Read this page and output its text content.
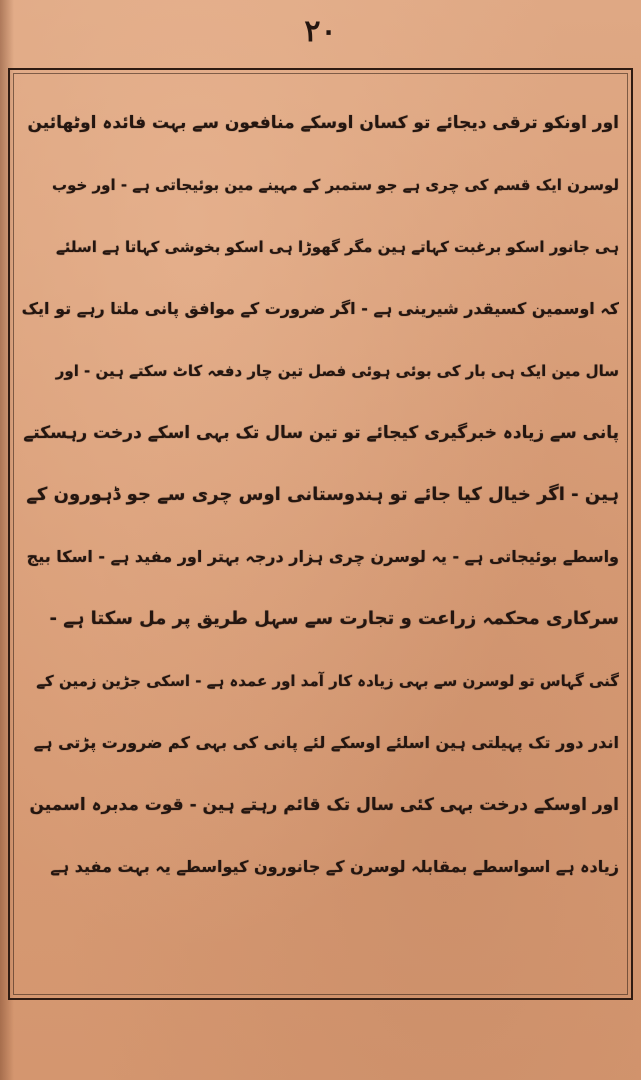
۲۰
اور اونکو ترقی دیجائے تو کسان اوسکے منافعون سے بہت فائدہ اوٹھائین
لوسرن ایک قسم کی چری ہے جو ستمبر کے مہینے مین بوئیجاتی ہے - اور خوب
ہی جانور اسکو برغبت کہاتے ہین مگر گھوڑا ہی اسکو بخوشی کہاتا ہے اسلئے
کہ اوسمین کسیقدر شیرینی ہے - اگر ضرورت کے موافق پانی ملتا رہے تو ایک
سال مین ایک ہی بار کی بوئی ہوئی فصل تین چار دفعہ کاٹ سکتے ہین - اور
پانی سے زیادہ خبرگیری کیجائے تو تین سال تک بہی اسکے درخت رہسکتے
ہین - اگر خیال کیا جائے تو ہندوستانی اوس چری سے جو ڈہورون کے
واسطے بوئیجاتی ہے - یہ لوسرن چری ہزار درجہ بہتر اور مفید ہے - اسکا بیج
سرکاری محکمہ زراعت و تجارت سے سہل طریق پر مل سکتا ہے -
گنی گہاس تو لوسرن سے بہی زیادہ کار آمد اور عمدہ ہے - اسکی جڑین زمین کے
اندر دور تک پہیلتی ہین اسلئے اوسکے لئے پانی کی بہی کم ضرورت پڑتی ہے
اور اوسکے درخت بہی کئی سال تک قائم رہتے ہین - قوت مدبرہ اسمین
زیادہ ہے اسواسطے بمقابلہ لوسرن کے جانورون کیواسطے یہ بہت مفید ہے
